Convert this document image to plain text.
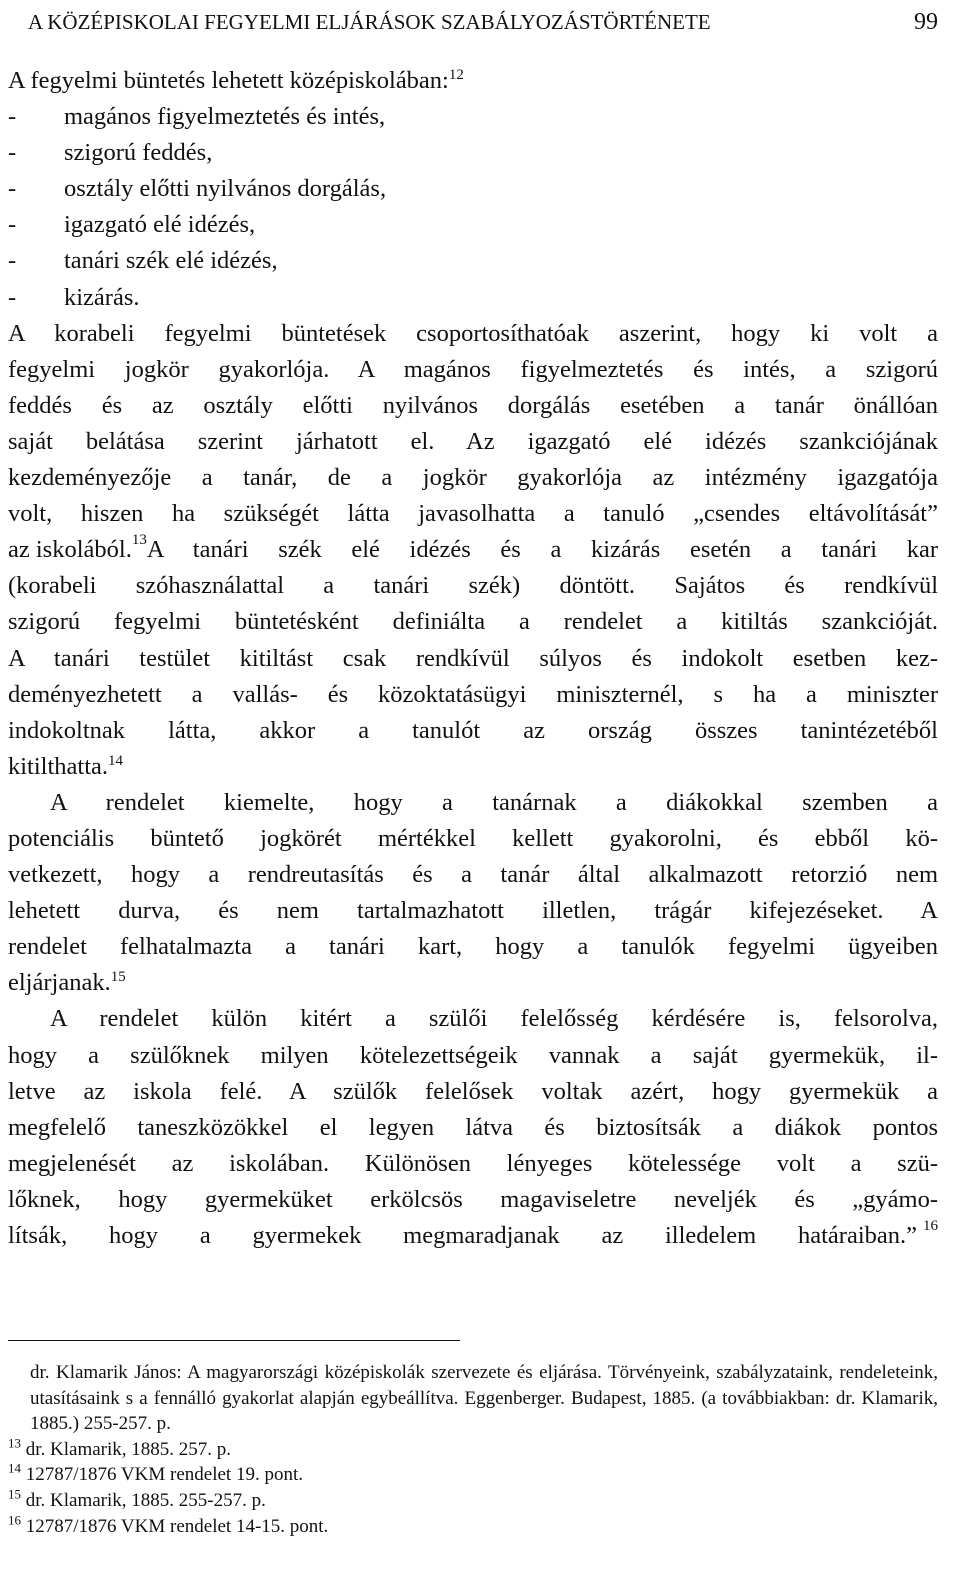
A KÖZÉPISKOLAI FEGYELMI ELJÁRÁSOK SZABÁLYOZÁSTÖRTÉNETE	99
A fegyelmi büntetés lehetett középiskolában:$^{12}$
- magános figyelmeztetés és intés,
- szigorú feddés,
- osztály előtti nyilvános dorgálás,
- igazgató elé idézés,
- tanári szék elé idézés,
- kizárás.
A korabeli fegyelmi büntetések csoportosíthatóak aszerint, hogy ki volt a
fegyelmi jogkör gyakorlója. A magános figyelmeztetés és intés, a szigorú
feddés és az osztály előtti nyilvános dorgálás esetében a tanár önállóan
saját belátása szerint járhatott el. Az igazgató elé idézés szankciójának
kezdeményezője a tanár, de a jogkör gyakorlója az intézmény igazgatója
volt, hiszen ha szükségét látta javasolhatta a tanuló „csendes eltávolítását”
az iskolából. 13 A tanári szék elé idézés és a kizárás esetén a tanári kar
(korabeli szóhasználattal a tanári szék) döntött. Sajátos és rendkívül
szigorú fegyelmi büntetésként definiálta a rendelet a kitiltás szankcióját.
A tanári testület kitiltást csak rendkívül súlyos és indokolt esetben kez-
deményezhetett a vallás- és közoktatásügyi miniszternél, s ha a miniszter
indokoltnak látta, akkor a tanulót az ország összes tanintézetéből
kitilthatta.$^{14}$
A rendelet kiemelte, hogy a tanárnak a diákokkal szemben a
potenciális büntető jogkörét mértékkel kellett gyakorolni, és ebből kö-
vetkezett, hogy a rendreutasítás és a tanár által alkalmazott retorzió nem
lehetett durva, és nem tartalmazhatott illetlen, trágár kifejezéseket. A
rendelet felhatalmazta a tanári kart, hogy a tanulók fegyelmi ügyeiben
eljárjanak.$^{15}$
A rendelet külön kitért a szülői felelősség kérdésére is, felsorolva,
hogy a szülőknek milyen kötelezettségeik vannak a saját gyermekük, il-
letve az iskola felé. A szülők felelősek voltak azért, hogy gyermekük a
megfelelő taneszközökkel el legyen látva és biztosítsák a diákok pontos
megjelenését az iskolában. Különösen lényeges kötelessége volt a szü-
lőknek, hogy gyermeküket erkölcsös magaviseletre neveljék és „gyámo-
lítsák, hogy a gyermekek megmaradjanak az illedelem határaiban.” 16
dr. Klamarik János: A magyarországi középiskolák szervezete és eljárása. Törvényeink, szabályzataink, rendeleteink, utasításaink s a fennálló gyakorlat alapján egybeállítva. Eggenberger. Budapest, 1885. (a továbbiakban: dr. Klamarik, 1885.) 255-257. p.
$^{13}$ dr. Klamarik, 1885. 257. p.
$^{14}$ 12787/1876 VKM rendelet 19. pont.
$^{15}$ dr. Klamarik, 1885. 255-257. p.
$^{16}$ 12787/1876 VKM rendelet 14-15. pont.
